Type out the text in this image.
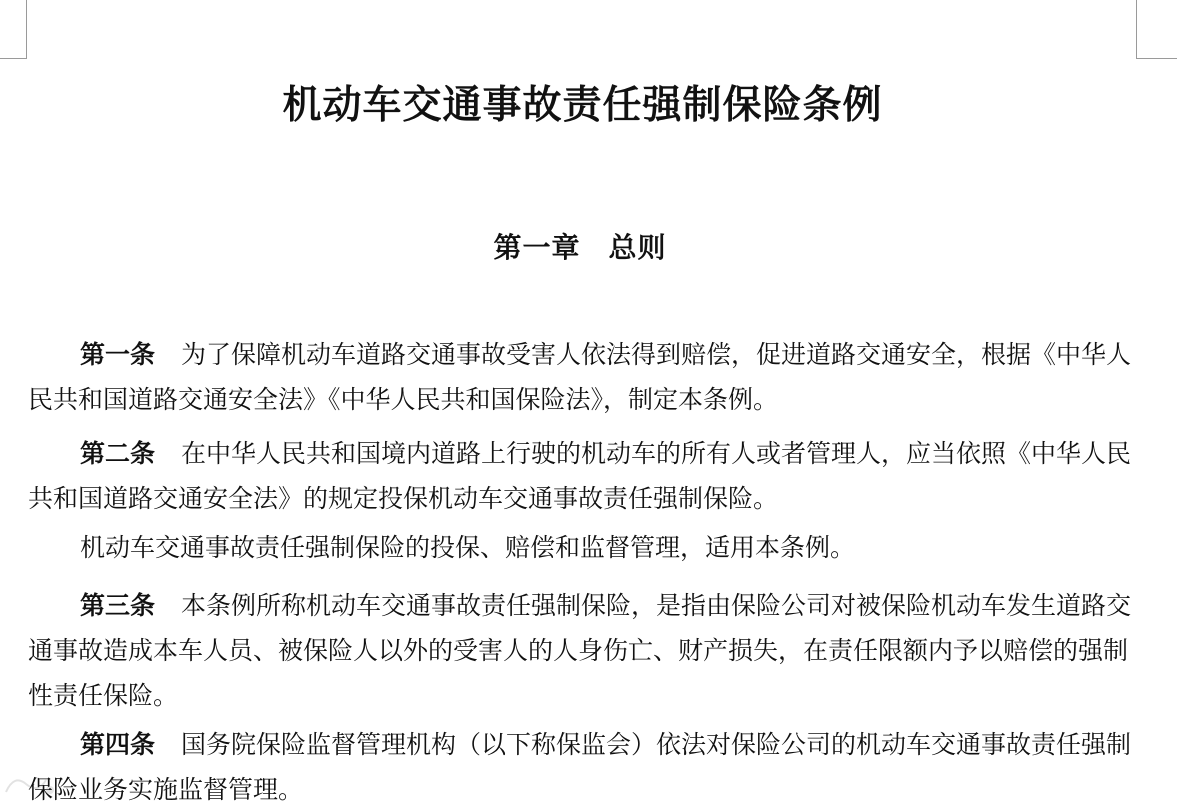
机动车交通事故责任强制保险条例
第一章 总则

第一条 为了保障机动车道路交通事故受害人依法得到赔偿，促进道路交通安全，根据《中华人民共和国道路交通安全法》《中华人民共和国保险法》，制定本条例。

第二条 在中华人民共和国境内道路上行驶的机动车的所有人或者管理人，应当依照《中华人民共和国道路交通安全法》的规定投保机动车交通事故责任强制保险。

机动车交通事故责任强制保险的投保、赔偿和监督管理，适用本条例。

第三条 本条例所称机动车交通事故责任强制保险，是指由保险公司对被保险机动车发生道路交通事故造成本车人员、被保险人以外的受害人的人身伤亡、财产损失，在责任限额内予以赔偿的强制性责任保险。

第四条 国务院保险监督管理机构（以下称保监会）依法对保险公司的机动车交通事故责任强制保险业务实施监督管理。
